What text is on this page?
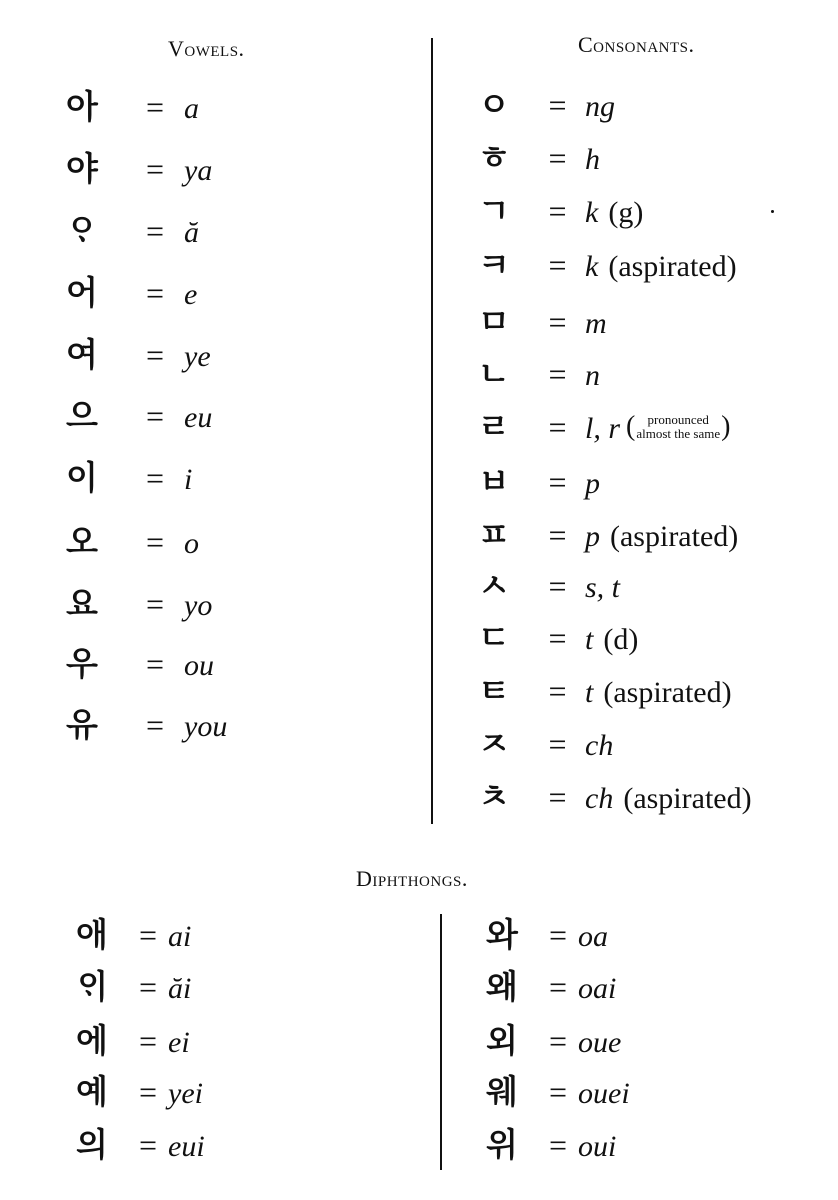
Vowels.	Consonants.
Diphthongs.
아	= a
야	= ya
ᄋᆞ	= ă
어	= e
여	= ye
으	= eu
이	= i
오	= o
요	= yo
우	= ou
유	= you
ㅇ	= ng
ㅎ	= h
ㄱ	= k (g)
ㅋ	= k (aspirated)
ㅁ	= m
ㄴ	= n
ㄹ	= l, r ( pronounced
almost the same )
ㅂ	= p
ㅍ	= p (aspirated)
ㅅ	= s, t
ㄷ	= t (d)
ㅌ	= t (aspirated)
ㅈ	= ch
ㅊ	= ch (aspirated)
애 = ai
ᄋᆡ = ăi
에 = ei
예 = yei
의 = eui
와 = oa
왜 = oai
외 = oue
웨 = ouei
위 = oui
